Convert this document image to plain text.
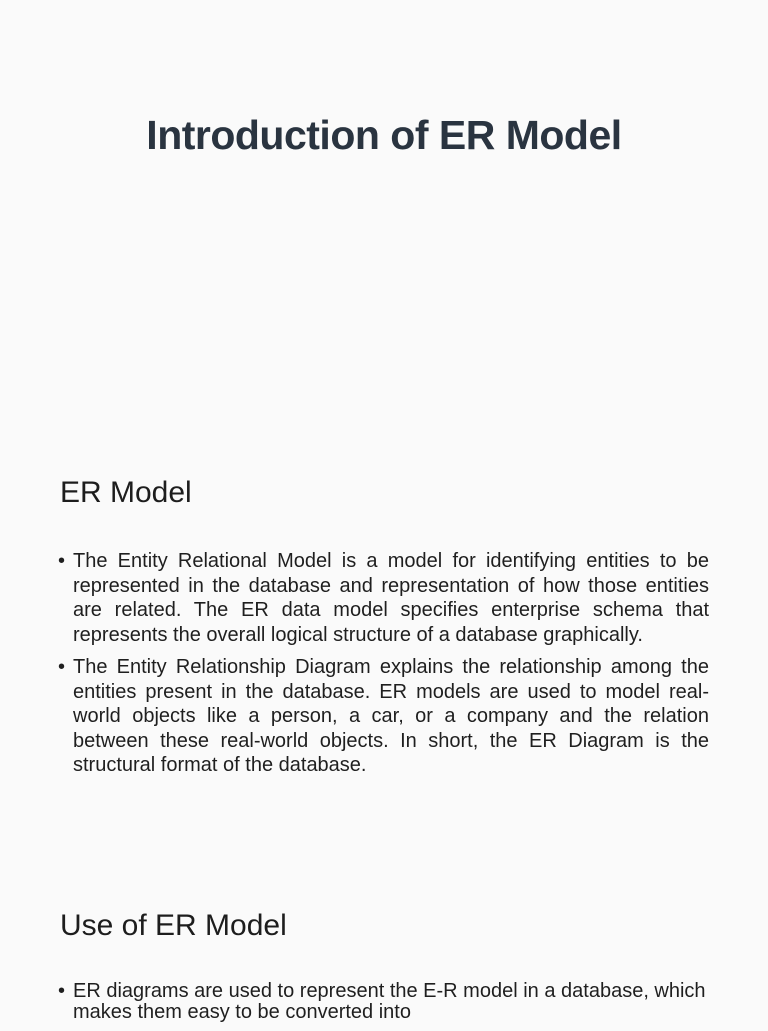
Introduction of ER Model
ER Model
• The Entity Relational Model is a model for identifying entities to be represented in the database and representation of how those entities are related. The ER data model specifies enterprise schema that represents the overall logical structure of a database graphically.
• The Entity Relationship Diagram explains the relationship among the entities present in the database. ER models are used to model real-world objects like a person, a car, or a company and the relation between these real-world objects. In short, the ER Diagram is the structural format of the database.
Use of ER Model
• ER diagrams are used to represent the E-R model in a database, which makes them easy to be converted into
